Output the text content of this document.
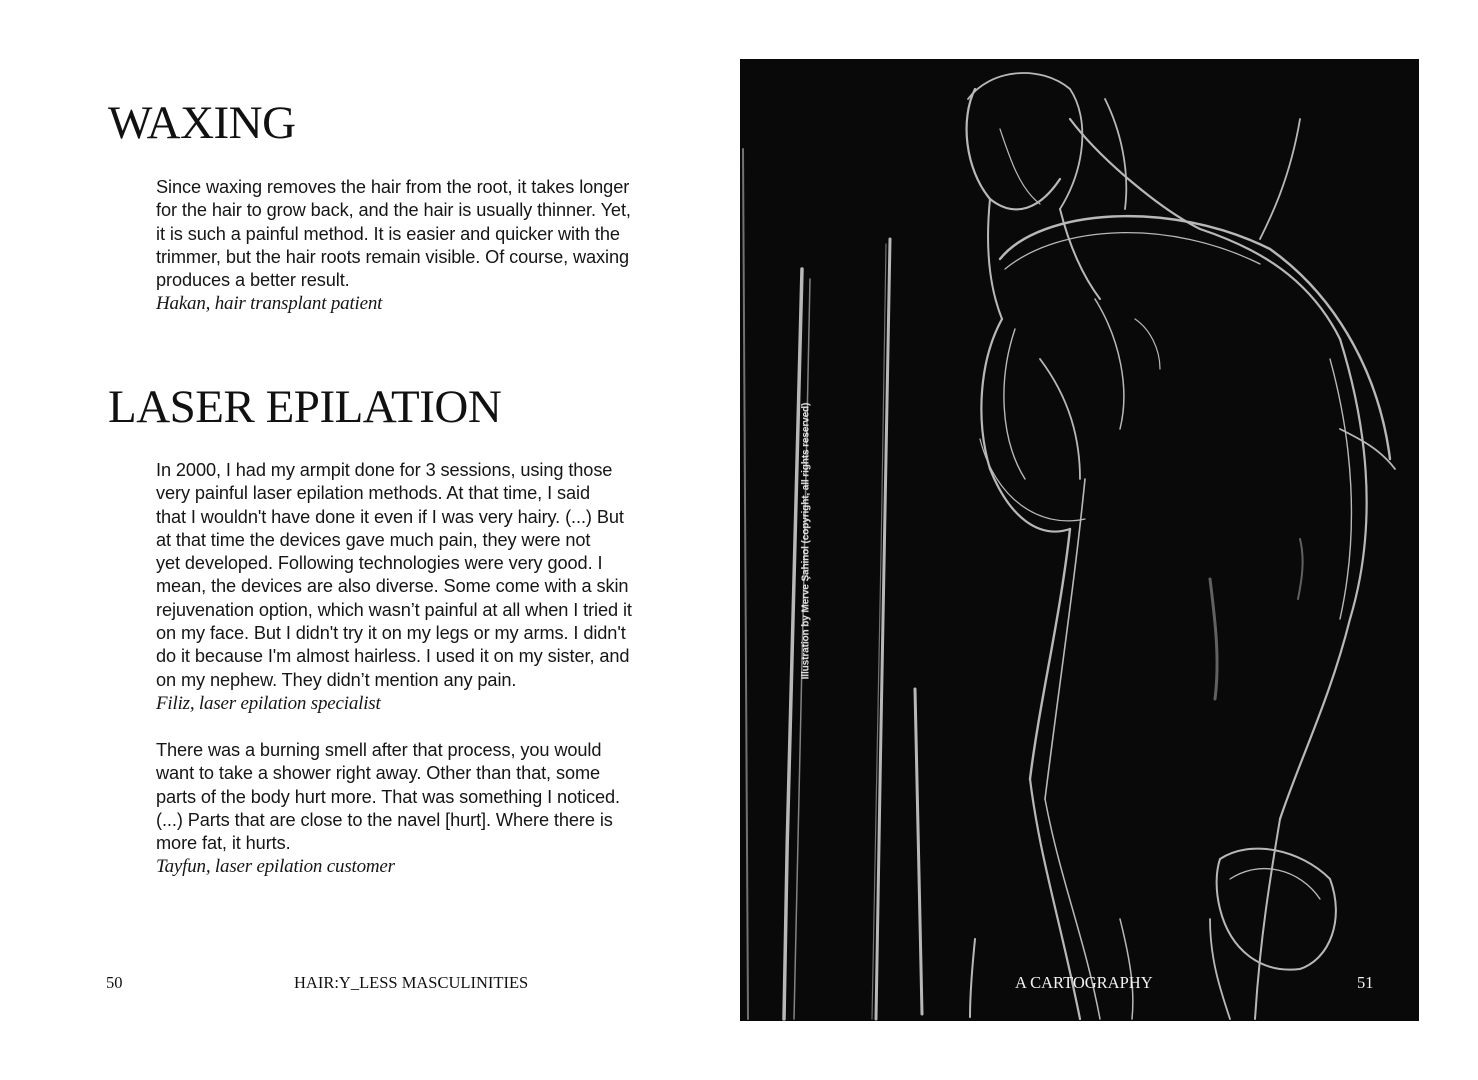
WAXING

Since waxing removes the hair from the root, it takes longer

for the hair to grow back, and the hair is usually thinner. Yet,

it is such a painful method. It is easier and quicker with the

trimmer, but the hair roots remain visible. Of course, waxing

produces a better result.

Hakan, hair transplant patient

LASER EPILATION

In 2000, I had my armpit done for 3 sessions, using those

very painful laser epilation methods. At that time, I said

that I wouldn't have done it even if I was very hairy. (...) But

at that time the devices gave much pain, they were not

yet developed. Following technologies were very good. I

mean, the devices are also diverse. Some come with a skin

rejuvenation option, which wasn’t painful at all when I tried it

on my face. But I didn't try it on my legs or my arms. I didn't

do it because I'm almost hairless. I used it on my sister, and

on my nephew. They didn’t mention any pain.

Filiz, laser epilation specialist

There was a burning smell after that process, you would

want to take a shower right away. Other than that, some

parts of the body hurt more. That was something I noticed.

(...) Parts that are close to the navel [hurt]. Where there is

more fat, it hurts.

Tayfun, laser epilation customer

50	HAIR:Y_LESS MASCULINITIES

Illustration by Merve Şahinol (copyright, all rights reserved)

A CARTOGRAPHY	51
